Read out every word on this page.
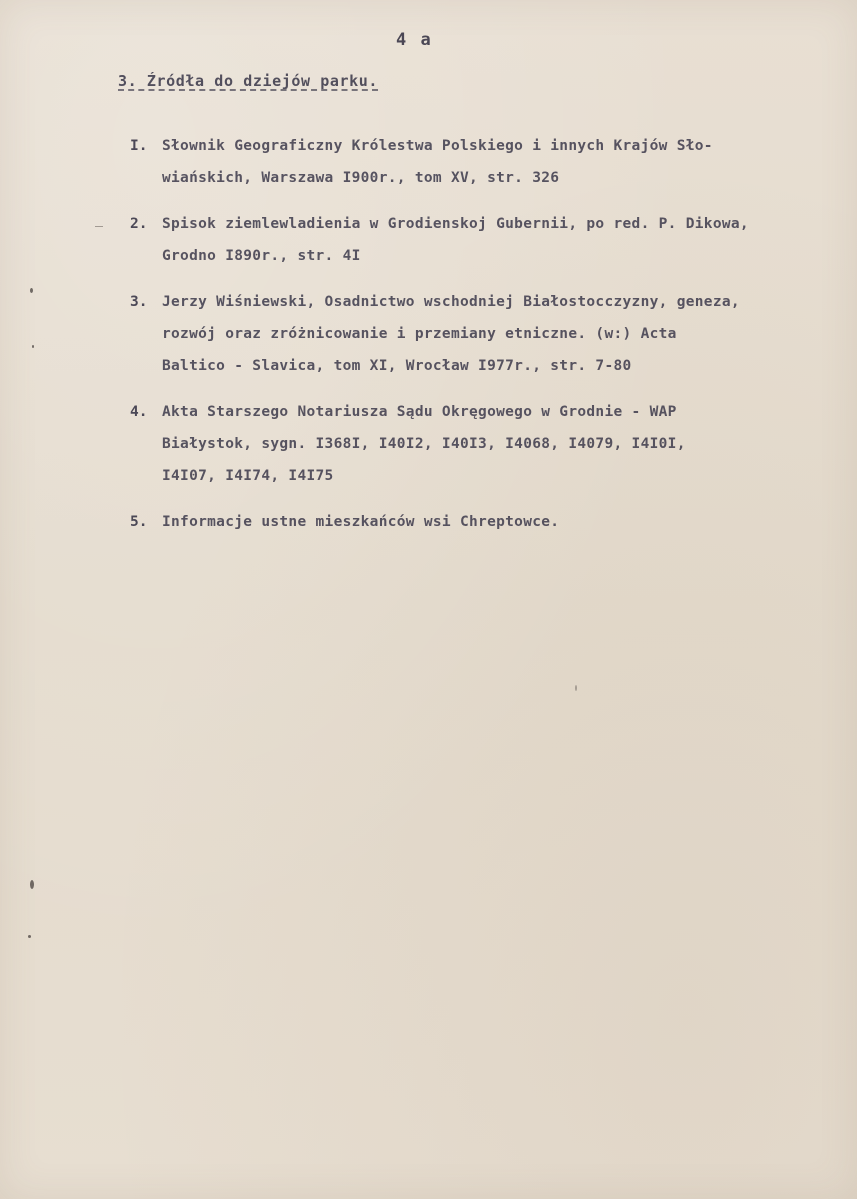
4 a
3. Źródła do dziejów parku.
I.	Słownik Geograficzny Królestwa Polskiego i innych Krajów Sło-
wiańskich, Warszawa I900r., tom XV, str. 326

2.	Spisok ziemlewladienia w Grodienskoj Gubernii, po red. P. Dikowa,
Grodno I890r., str. 4I

3.	Jerzy Wiśniewski, Osadnictwo wschodniej Białostocczyzny, geneza,
rozwój oraz zróżnicowanie i przemiany etniczne. (w:) Acta
Baltico - Slavica, tom XI, Wrocław I977r., str. 7-80

4.	Akta Starszego Notariusza Sądu Okręgowego w Grodnie - WAP
Białystok, sygn. I368I, I40I2, I40I3, I4068, I4079, I4I0I,
I4I07, I4I74, I4I75

5.	Informacje ustne mieszkańców wsi Chreptowce.
